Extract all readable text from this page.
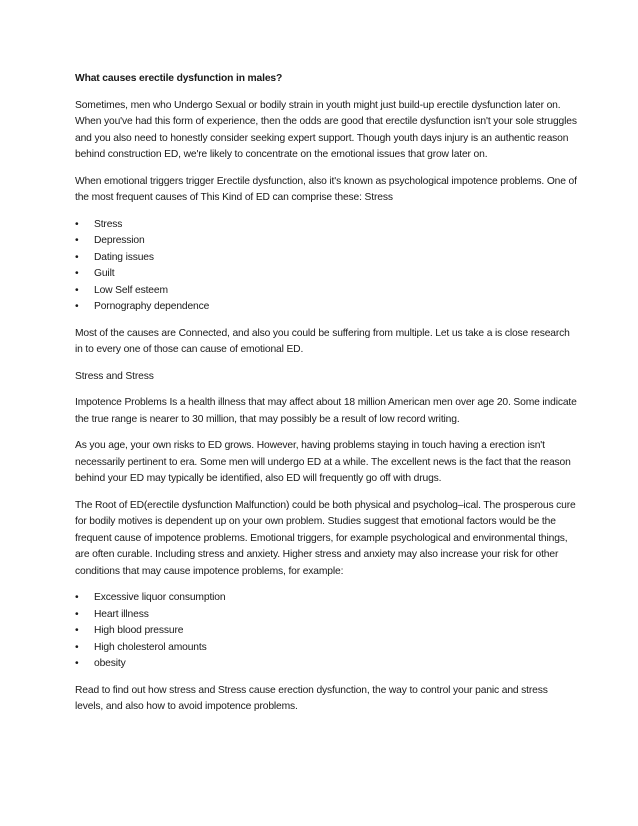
What causes erectile dysfunction in males?

Sometimes, men who Undergo Sexual or bodily strain in youth might just build-up erectile dysfunction later on. When you've had this form of experience, then the odds are good that erectile dysfunction isn't your sole struggles and you also need to honestly consider seeking expert support. Though youth days injury is an authentic reason behind construction ED, we're likely to concentrate on the emotional issues that grow later on.

When emotional triggers trigger Erectile dysfunction, also it's known as psychological impotence problems. One of the most frequent causes of This Kind of ED can comprise these: Stress

• Stress
• Depression
• Dating issues
• Guilt
• Low Self esteem
• Pornography dependence

Most of the causes are Connected, and also you could be suffering from multiple. Let us take a is close research in to every one of those can cause of emotional ED.

Stress and Stress

Impotence Problems Is a health illness that may affect about 18 million American men over age 20. Some indicate the true range is nearer to 30 million, that may possibly be a result of low record writing.

As you age, your own risks to ED grows. However, having problems staying in touch having a erection isn't necessarily pertinent to era. Some men will undergo ED at a while. The excellent news is the fact that the reason behind your ED may typically be identified, also ED will frequently go off with drugs.

The Root of ED(erectile dysfunction Malfunction) could be both physical and psycholog–ical. The prosperous cure for bodily motives is dependent up on your own problem. Studies suggest that emotional factors would be the frequent cause of impotence problems. Emotional triggers, for example psychological and environmental things, are often curable. Including stress and anxiety. Higher stress and anxiety may also increase your risk for other conditions that may cause impotence problems, for example:

• Excessive liquor consumption
• Heart illness
• High blood pressure
• High cholesterol amounts
• obesity

Read to find out how stress and Stress cause erection dysfunction, the way to control your panic and stress levels, and also how to avoid impotence problems.
